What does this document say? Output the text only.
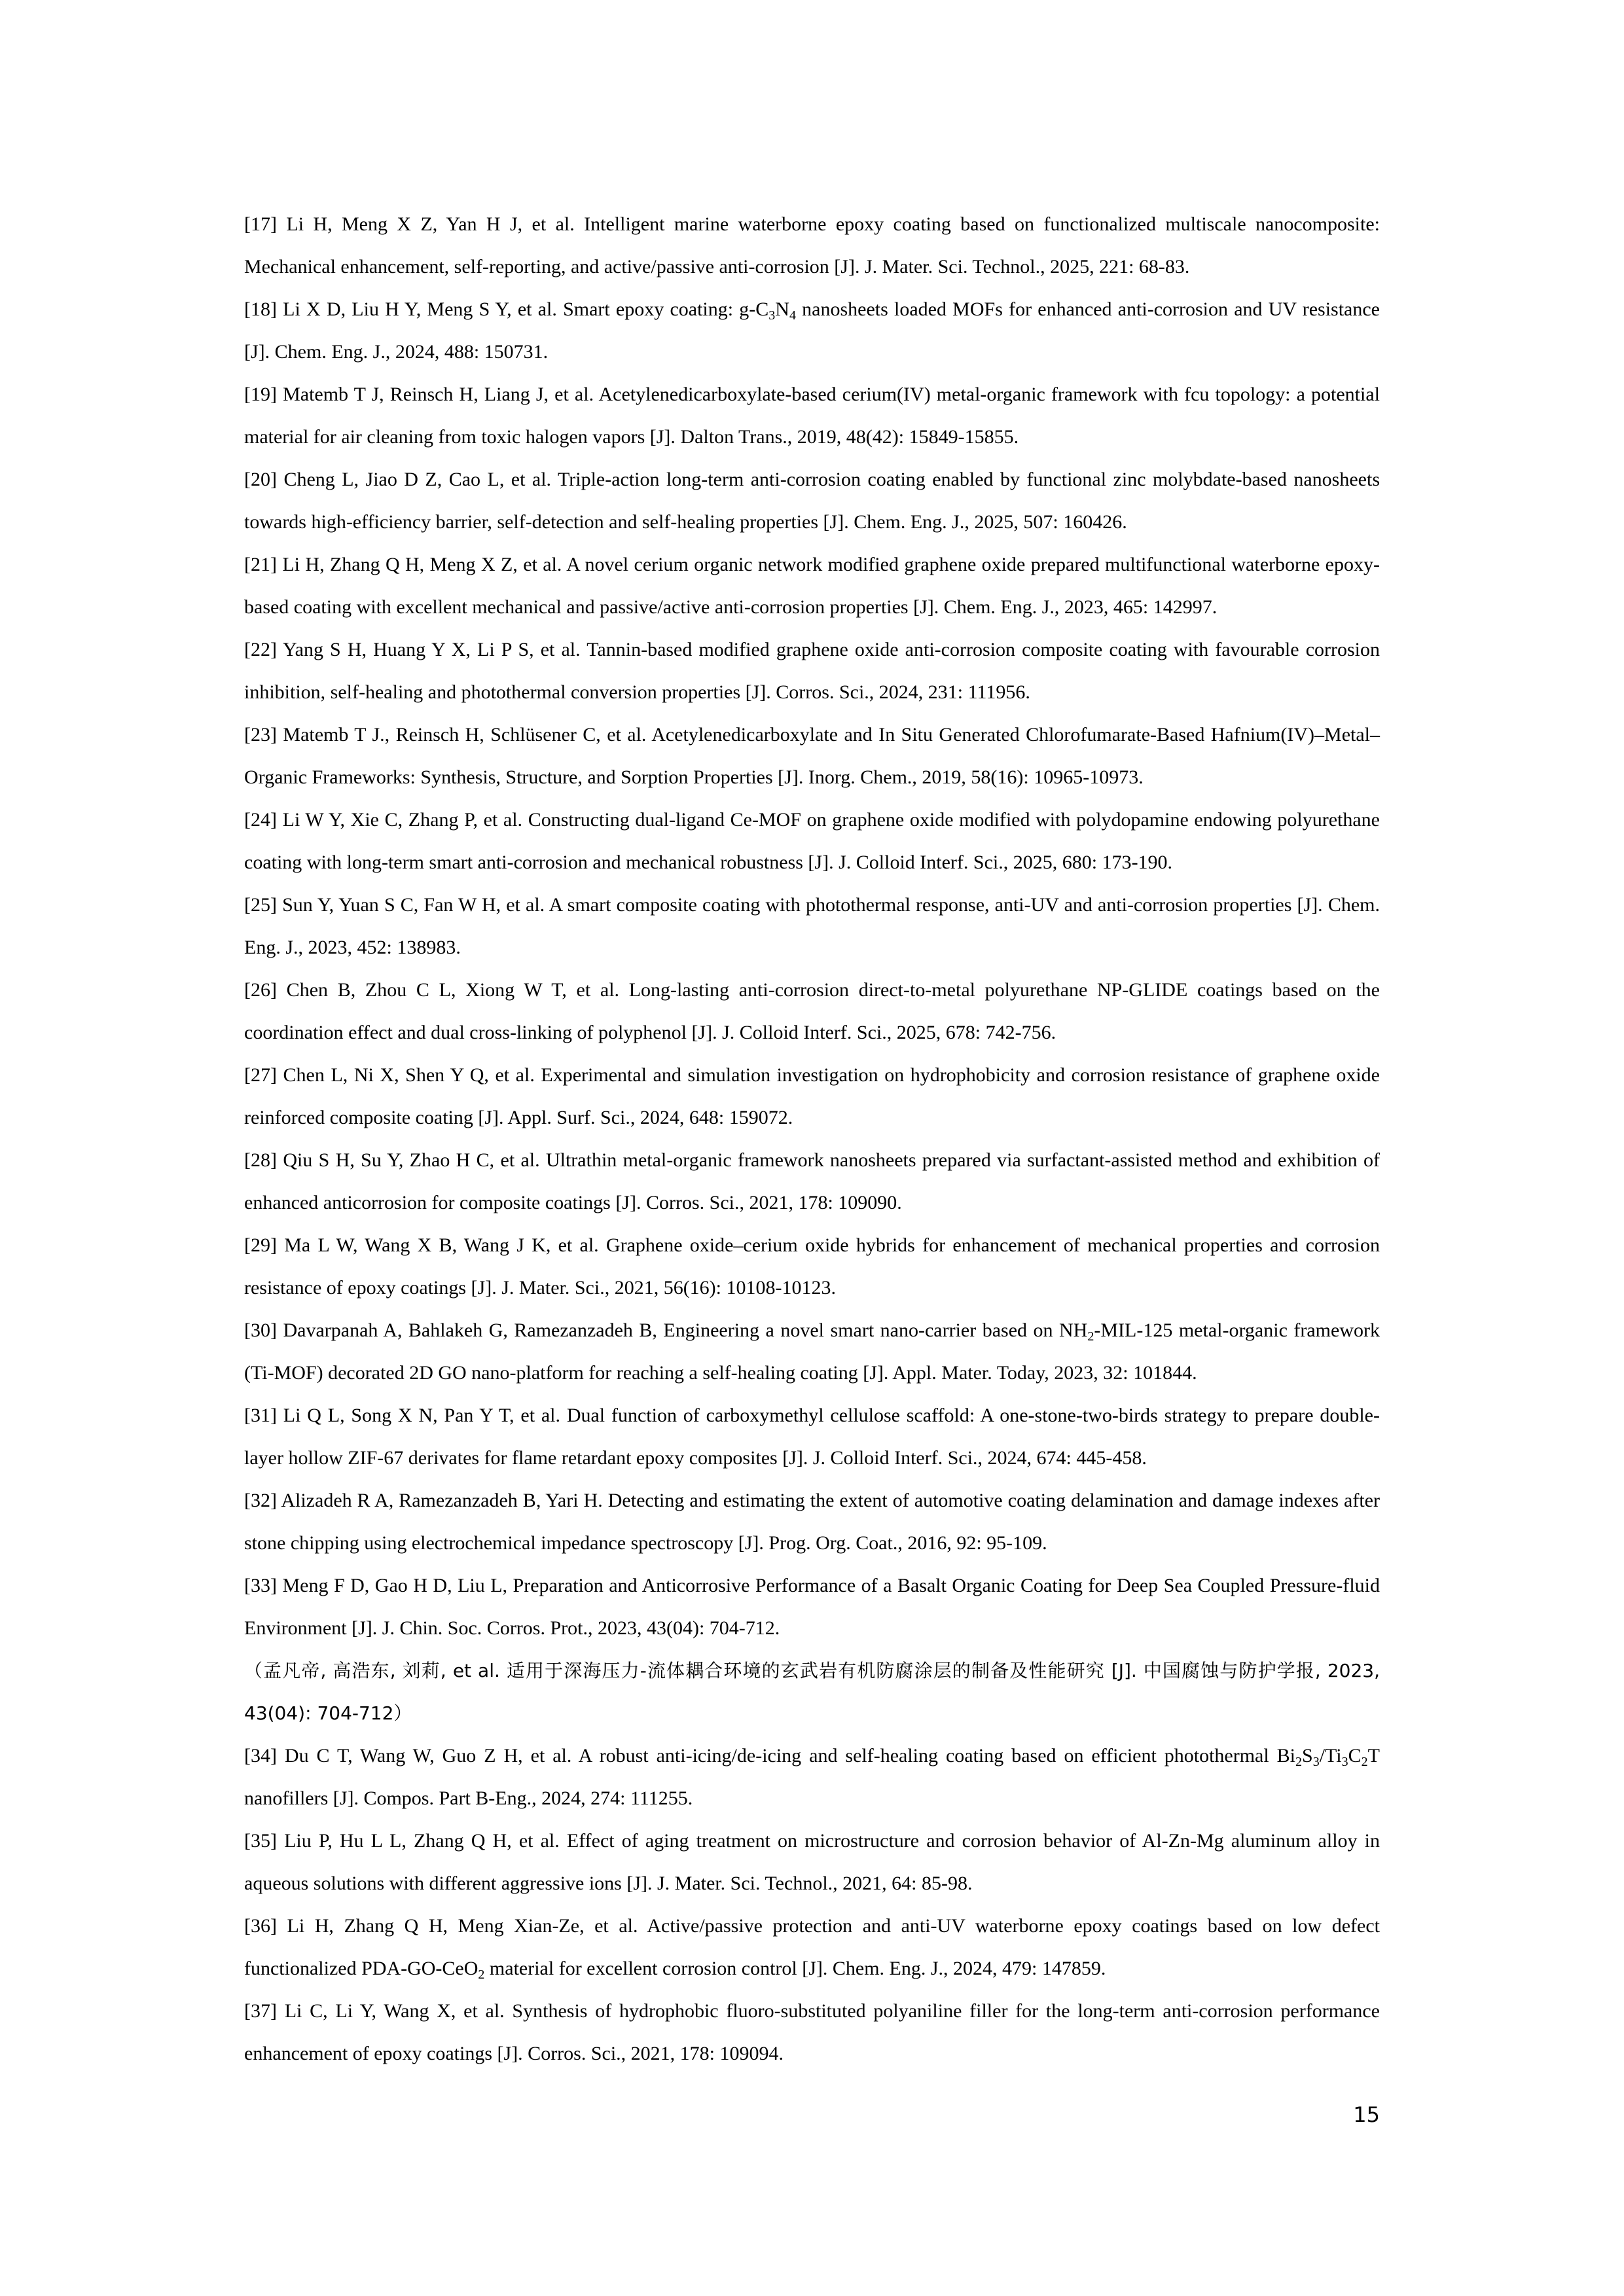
[17] Li H, Meng X Z, Yan H J, et al. Intelligent marine waterborne epoxy coating based on functionalized multiscale nanocomposite: Mechanical enhancement, self-reporting, and active/passive anti-corrosion [J]. J. Mater. Sci. Technol., 2025, 221: 68-83.

[18] Li X D, Liu H Y, Meng S Y, et al. Smart epoxy coating: $g-C_3N_4$ nanosheets loaded MOFs for enhanced anti-corrosion and UV resistance [J]. Chem. Eng. J., 2024, 488: 150731.

[19] Matemb T J, Reinsch H, Liang J, et al. Acetylenedicarboxylate-based cerium(IV) metal-organic framework with fcu topology: a potential material for air cleaning from toxic halogen vapors [J]. Dalton Trans., 2019, 48(42): 15849-15855.

[20] Cheng L, Jiao D Z, Cao L, et al. Triple-action long-term anti-corrosion coating enabled by functional zinc molybdate-based nanosheets towards high-efficiency barrier, self-detection and self-healing properties [J]. Chem. Eng. J., 2025, 507: 160426.

[21] Li H, Zhang Q H, Meng X Z, et al. A novel cerium organic network modified graphene oxide prepared multifunctional waterborne epoxy-based coating with excellent mechanical and passive/active anti-corrosion properties [J]. Chem. Eng. J., 2023, 465: 142997.

[22] Yang S H, Huang Y X, Li P S, et al. Tannin-based modified graphene oxide anti-corrosion composite coating with favourable corrosion inhibition, self-healing and photothermal conversion properties [J]. Corros. Sci., 2024, 231: 111956.

[23] Matemb T J., Reinsch H, Schlüsener C, et al. Acetylenedicarboxylate and In Situ Generated Chlorofumarate-Based Hafnium(IV)–Metal–Organic Frameworks: Synthesis, Structure, and Sorption Properties [J]. Inorg. Chem., 2019, 58(16): 10965-10973.

[24] Li W Y, Xie C, Zhang P, et al. Constructing dual-ligand Ce-MOF on graphene oxide modified with polydopamine endowing polyurethane coating with long-term smart anti-corrosion and mechanical robustness [J]. J. Colloid Interf. Sci., 2025, 680: 173-190.

[25] Sun Y, Yuan S C, Fan W H, et al. A smart composite coating with photothermal response, anti-UV and anti-corrosion properties [J]. Chem. Eng. J., 2023, 452: 138983.

[26] Chen B, Zhou C L, Xiong W T, et al. Long-lasting anti-corrosion direct-to-metal polyurethane NP-GLIDE coatings based on the coordination effect and dual cross-linking of polyphenol [J]. J. Colloid Interf. Sci., 2025, 678: 742-756.

[27] Chen L, Ni X, Shen Y Q, et al. Experimental and simulation investigation on hydrophobicity and corrosion resistance of graphene oxide reinforced composite coating [J]. Appl. Surf. Sci., 2024, 648: 159072.

[28] Qiu S H, Su Y, Zhao H C, et al. Ultrathin metal-organic framework nanosheets prepared via surfactant-assisted method and exhibition of enhanced anticorrosion for composite coatings [J]. Corros. Sci., 2021, 178: 109090.

[29] Ma L W, Wang X B, Wang J K, et al. Graphene oxide–cerium oxide hybrids for enhancement of mechanical properties and corrosion resistance of epoxy coatings [J]. J. Mater. Sci., 2021, 56(16): 10108-10123.

[30] Davarpanah A, Bahlakeh G, Ramezanzadeh B, Engineering a novel smart nano-carrier based on $NH_2-MIL-125$ metal-organic framework (Ti-MOF) decorated 2D GO nano-platform for reaching a self-healing coating [J]. Appl. Mater. Today, 2023, 32: 101844.

[31] Li Q L, Song X N, Pan Y T, et al. Dual function of carboxymethyl cellulose scaffold: A one-stone-two-birds strategy to prepare double-layer hollow ZIF-67 derivates for flame retardant epoxy composites [J]. J. Colloid Interf. Sci., 2024, 674: 445-458.

[32] Alizadeh R A, Ramezanzadeh B, Yari H. Detecting and estimating the extent of automotive coating delamination and damage indexes after stone chipping using electrochemical impedance spectroscopy [J]. Prog. Org. Coat., 2016, 92: 95-109.

[33] Meng F D, Gao H D, Liu L, Preparation and Anticorrosive Performance of a Basalt Organic Coating for Deep Sea Coupled Pressure-fluid Environment [J]. J. Chin. Soc. Corros. Prot., 2023, 43(04): 704-712.

（孟凡帝, 高浩东, 刘莉, et al. 适用于深海压力-流体耦合环境的玄武岩有机防腐涂层的制备及性能研究 [J]. 中国腐蚀与防护学报, 2023, 43(04): 704-712）

[34] Du C T, Wang W, Guo Z H, et al. A robust anti-icing/de-icing and self-healing coating based on efficient photothermal $Bi_2S_3/Ti_3C_2T$ nanofillers [J]. Compos. Part B-Eng., 2024, 274: 111255.

[35] Liu P, Hu L L, Zhang Q H, et al. Effect of aging treatment on microstructure and corrosion behavior of Al-Zn-Mg aluminum alloy in aqueous solutions with different aggressive ions [J]. J. Mater. Sci. Technol., 2021, 64: 85-98.

[36] Li H, Zhang Q H, Meng Xian-Ze, et al. Active/passive protection and anti-UV waterborne epoxy coatings based on low defect functionalized PDA-GO-CeO$_2$ material for excellent corrosion control [J]. Chem. Eng. J., 2024, 479: 147859.

[37] Li C, Li Y, Wang X, et al. Synthesis of hydrophobic fluoro-substituted polyaniline filler for the long-term anti-corrosion performance enhancement of epoxy coatings [J]. Corros. Sci., 2021, 178: 109094.

15
